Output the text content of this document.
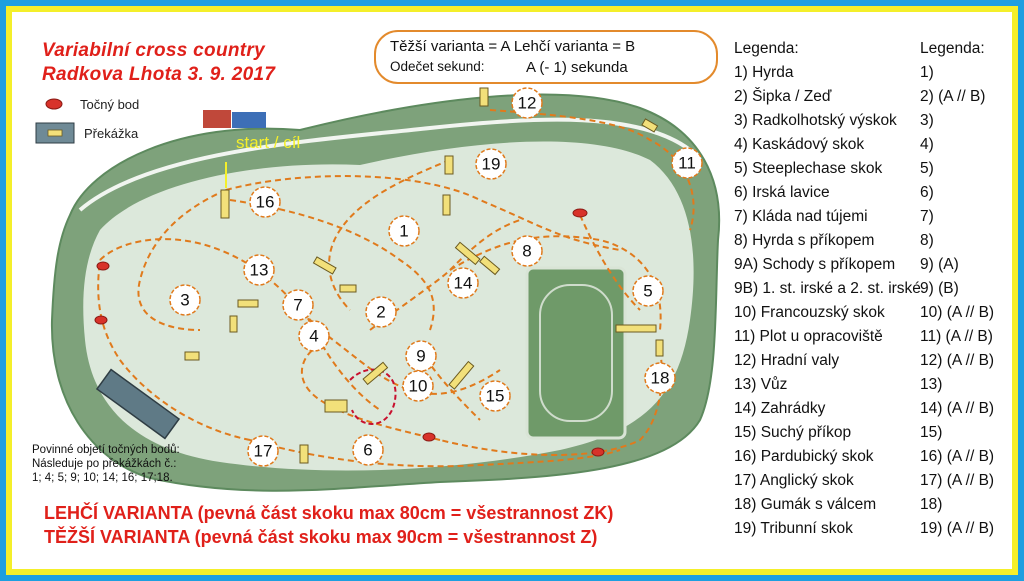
start / cíl
1
2
3
4
5
6
7
8
9
10
11
12
13
14
15
16
17
18
19
Variabilní cross country
Radkova Lhota 3. 9. 2017
Točný bod
Překážka
Těžší varianta = A Lehčí varianta = B
Odečet sekund:	A (- 1) sekunda
Legenda:
1) Hyrda
2) Šipka / Zeď
3) Radkolhotský výskok
4) Kaskádový skok
5) Steeplechase skok
6) Irská lavice
7) Kláda nad tújemi
8) Hyrda s příkopem
9A) Schody s příkopem
9B) 1. st. irské a 2. st. irské
10) Francouzský skok
11) Plot u opracoviště
12) Hradní valy
13) Vůz
14) Zahrádky
15) Suchý příkop
16) Pardubický skok
17) Anglický skok
18) Gumák s válcem
19) Tribunní skok
Legenda:
1)
2) (A // B)
3)
4)
5)
6)
7)
8)
9) (A)
9) (B)
10) (A // B)
11) (A // B)
12) (A // B)
13)
14) (A // B)
15)
16) (A // B)
17) (A // B)
18)
19) (A // B)
Povinné objetí točných bodů:
Následuje po překážkách č.:
1; 4; 5; 9; 10; 14; 16; 17;18.
LEHČÍ VARIANTA (pevná část skoku max 80cm = všestrannost ZK)
TĚŽŠÍ VARIANTA (pevná část skoku max 90cm = všestrannost Z)
